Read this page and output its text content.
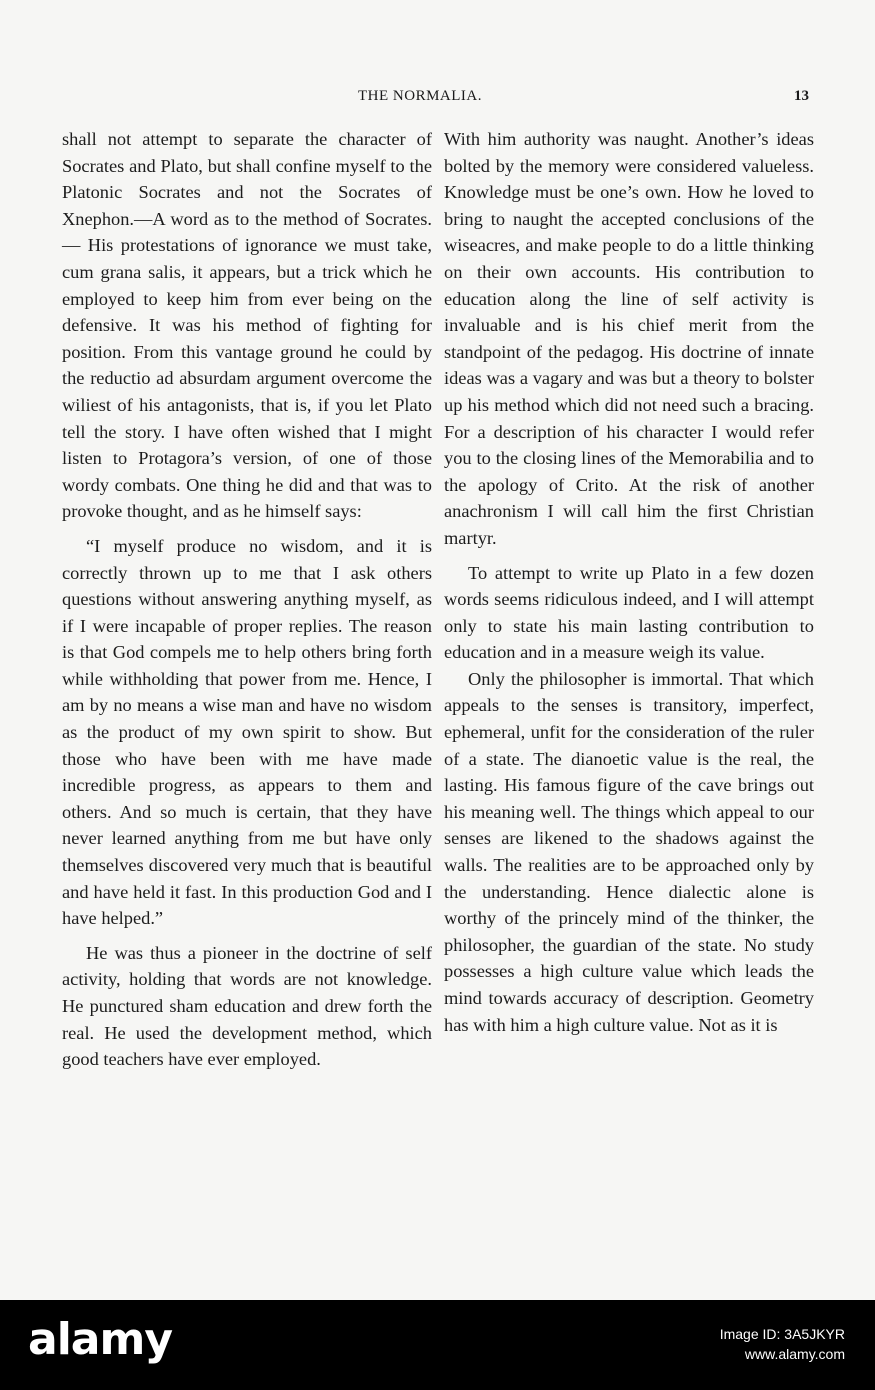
THE NORMALIA.	13

shall not attempt to separate the character of Socrates and Plato, but shall confine myself to the Platonic Socrates and not the Socrates of Xnephon.—A word as to the method of Socrates.— His protestations of ignorance we must take, cum grana salis, it appears, but a trick which he employed to keep him from ever being on the defensive. It was his method of fighting for position. From this vantage ground he could by the reductio ad absurdam argument overcome the wiliest of his antagonists, that is, if you let Plato tell the story. I have often wished that I might listen to Protagora’s version, of one of those wordy combats. One thing he did and that was to provoke thought, and as he himself says:

“I myself produce no wisdom, and it is correctly thrown up to me that I ask others questions without answering anything myself, as if I were incapable of proper replies. The reason is that God compels me to help others bring forth while withholding that power from me. Hence, I am by no means a wise man and have no wisdom as the product of my own spirit to show. But those who have been with me have made incredible progress, as appears to them and others. And so much is certain, that they have never learned anything from me but have only themselves discovered very much that is beautiful and have held it fast. In this production God and I have helped.”

He was thus a pioneer in the doctrine of self activity, holding that words are not knowledge. He punctured sham education and drew forth the real. He used the development method, which good teachers have ever employed.

With him authority was naught. Another’s ideas bolted by the memory were considered valueless. Knowledge must be one’s own. How he loved to bring to naught the accepted conclusions of the wiseacres, and make people to do a little thinking on their own accounts. His contribution to education along the line of self activity is invaluable and is his chief merit from the standpoint of the pedagog. His doctrine of innate ideas was a vagary and was but a theory to bolster up his method which did not need such a bracing. For a description of his character I would refer you to the closing lines of the Memorabilia and to the apology of Crito. At the risk of another anachronism I will call him the first Christian martyr.

To attempt to write up Plato in a few dozen words seems ridiculous indeed, and I will attempt only to state his main lasting contribution to education and in a measure weigh its value.

Only the philosopher is immortal. That which appeals to the senses is transitory, imperfect, ephemeral, unfit for the consideration of the ruler of a state. The dianoetic value is the real, the lasting. His famous figure of the cave brings out his meaning well. The things which appeal to our senses are likened to the shadows against the walls. The realities are to be approached only by the understanding. Hence dialectic alone is worthy of the princely mind of the thinker, the philosopher, the guardian of the state. No study possesses a high culture value which leads the mind towards accuracy of description. Geometry has with him a high culture value. Not as it is

alamy	Image ID: 3A5JKYR
www.alamy.com
